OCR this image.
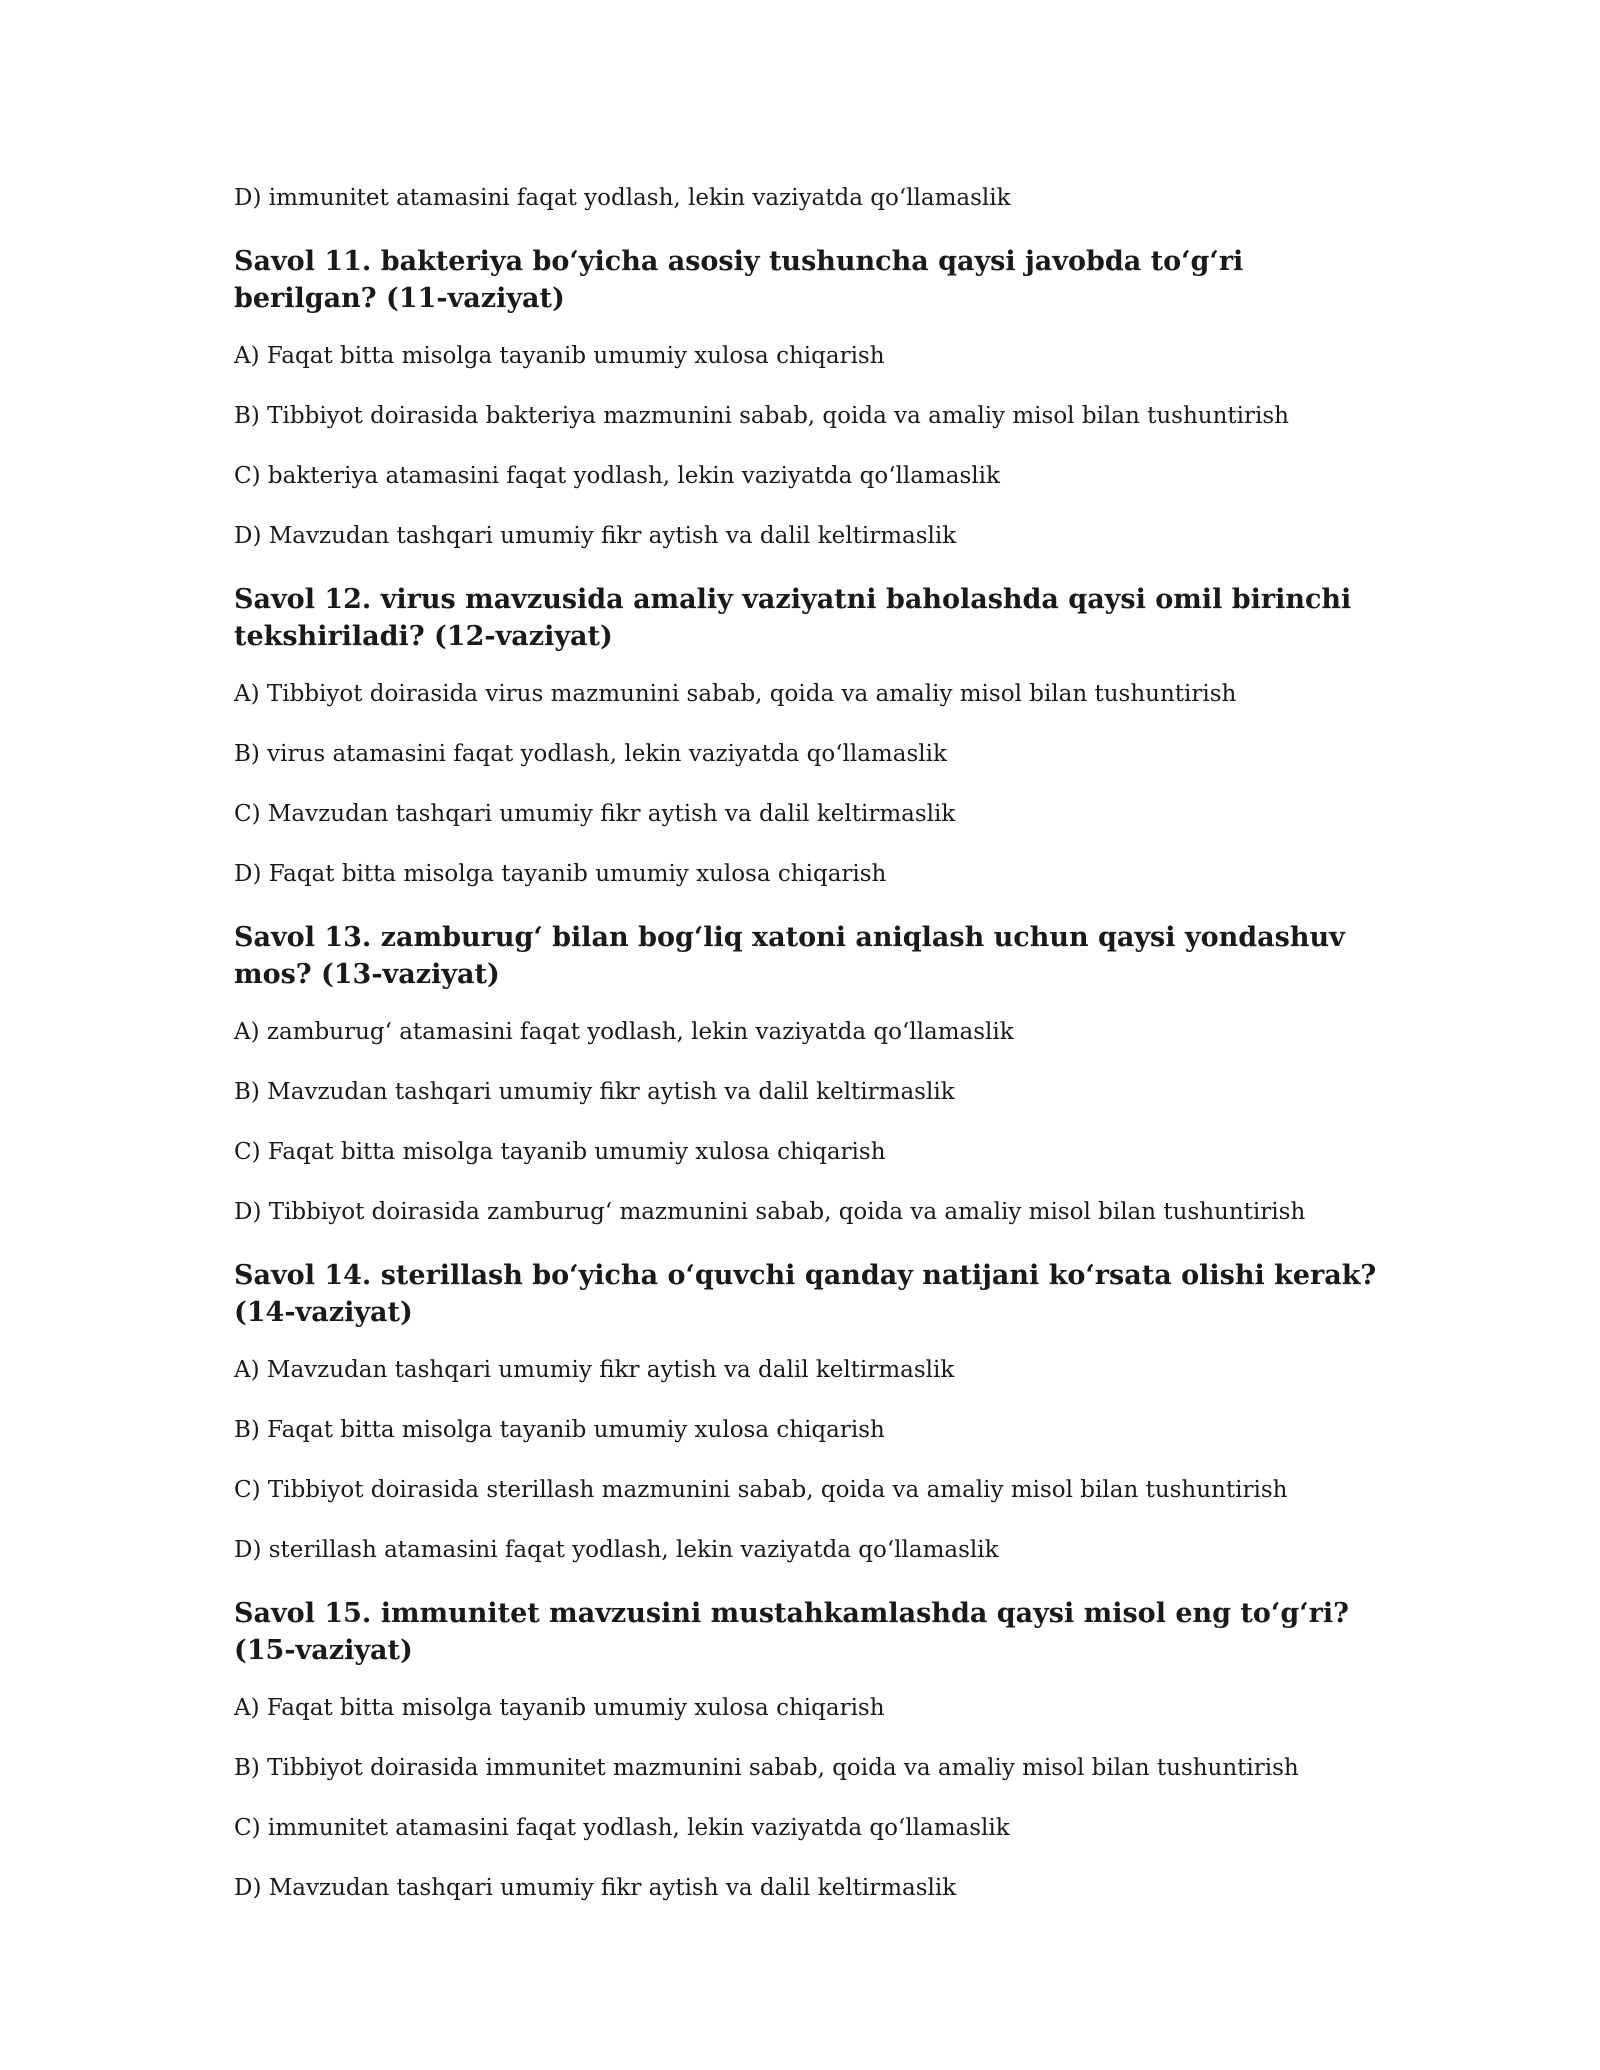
D) immunitet atamasini faqat yodlash, lekin vaziyatda qoʻllamaslik
Savol 11. bakteriya boʻyicha asosiy tushuncha qaysi javobda toʻgʻri berilgan? (11-vaziyat)
A) Faqat bitta misolga tayanib umumiy xulosa chiqarish
B) Tibbiyot doirasida bakteriya mazmunini sabab, qoida va amaliy misol bilan tushuntirish
C) bakteriya atamasini faqat yodlash, lekin vaziyatda qoʻllamaslik
D) Mavzudan tashqari umumiy fikr aytish va dalil keltirmaslik
Savol 12. virus mavzusida amaliy vaziyatni baholashda qaysi omil birinchi tekshiriladi? (12-vaziyat)
A) Tibbiyot doirasida virus mazmunini sabab, qoida va amaliy misol bilan tushuntirish
B) virus atamasini faqat yodlash, lekin vaziyatda qoʻllamaslik
C) Mavzudan tashqari umumiy fikr aytish va dalil keltirmaslik
D) Faqat bitta misolga tayanib umumiy xulosa chiqarish
Savol 13. zamburugʻ bilan bogʻliq xatoni aniqlash uchun qaysi yondashuv mos? (13-vaziyat)
A) zamburugʻ atamasini faqat yodlash, lekin vaziyatda qoʻllamaslik
B) Mavzudan tashqari umumiy fikr aytish va dalil keltirmaslik
C) Faqat bitta misolga tayanib umumiy xulosa chiqarish
D) Tibbiyot doirasida zamburugʻ mazmunini sabab, qoida va amaliy misol bilan tushuntirish
Savol 14. sterillash boʻyicha oʻquvchi qanday natijani koʻrsata olishi kerak? (14-vaziyat)
A) Mavzudan tashqari umumiy fikr aytish va dalil keltirmaslik
B) Faqat bitta misolga tayanib umumiy xulosa chiqarish
C) Tibbiyot doirasida sterillash mazmunini sabab, qoida va amaliy misol bilan tushuntirish
D) sterillash atamasini faqat yodlash, lekin vaziyatda qoʻllamaslik
Savol 15. immunitet mavzusini mustahkamlashda qaysi misol eng toʻgʻri? (15-vaziyat)
A) Faqat bitta misolga tayanib umumiy xulosa chiqarish
B) Tibbiyot doirasida immunitet mazmunini sabab, qoida va amaliy misol bilan tushuntirish
C) immunitet atamasini faqat yodlash, lekin vaziyatda qoʻllamaslik
D) Mavzudan tashqari umumiy fikr aytish va dalil keltirmaslik
